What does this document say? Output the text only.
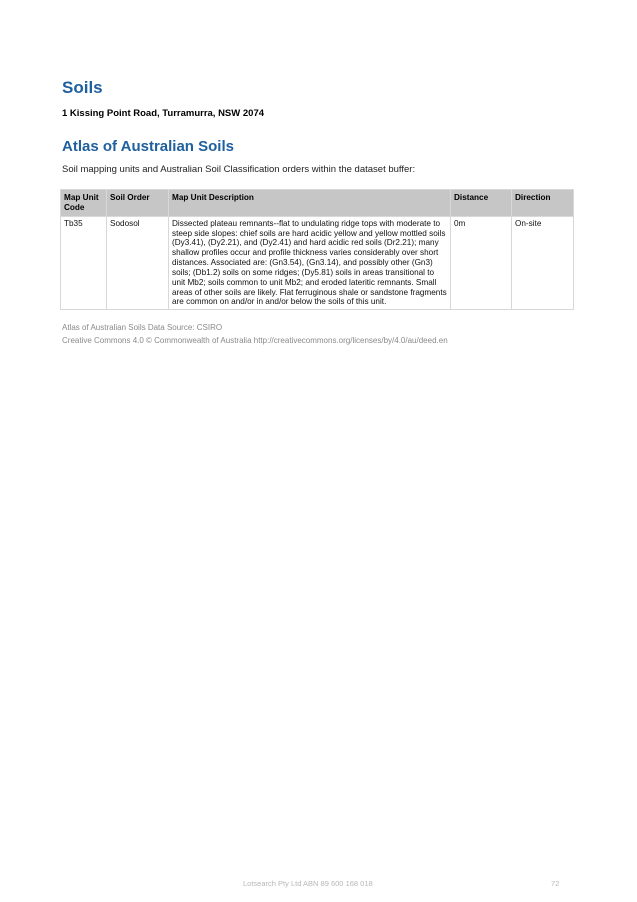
Soils

1 Kissing Point Road, Turramurra, NSW 2074

Atlas of Australian Soils

Soil mapping units and Australian Soil Classification orders within the dataset buffer:

Map Unit Code	Soil Order	Map Unit Description	Distance	Direction
Tb35	Sodosol	Dissected plateau remnants--flat to undulating ridge tops with moderate to steep side slopes: chief soils are hard acidic yellow and yellow mottled soils (Dy3.41), (Dy2.21), and (Dy2.41) and hard acidic red soils (Dr2.21); many shallow profiles occur and profile thickness varies considerably over short distances. Associated are: (Gn3.54), (Gn3.14), and possibly other (Gn3) soils; (Db1.2) soils on some ridges; (Dy5.81) soils in areas transitional to unit Mb2; soils common to unit Mb2; and eroded lateritic remnants. Small areas of other soils are likely. Flat ferruginous shale or sandstone fragments are common on and/or in and/or below the soils of this unit.	0m	On-site
Atlas of Australian Soils Data Source: CSIRO
Creative Commons 4.0 © Commonwealth of Australia http://creativecommons.org/licenses/by/4.0/au/deed.en
Lotsearch Pty Ltd ABN 89 600 168 018	72
